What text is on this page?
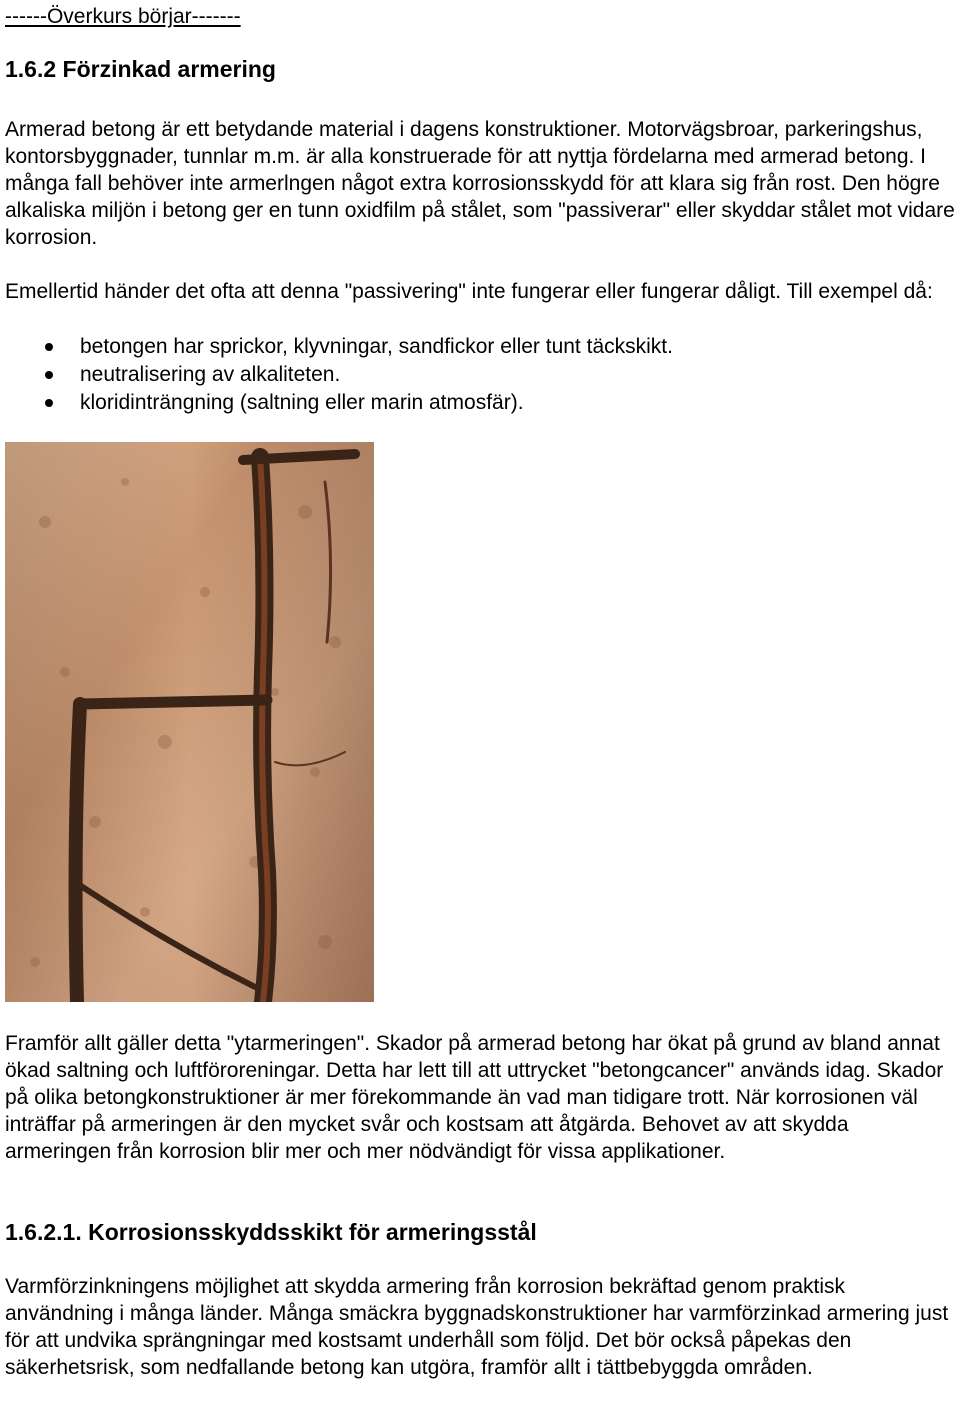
------Överkurs börjar-------
1.6.2 Förzinkad armering
Armerad betong är ett betydande material i dagens konstruktioner. Motorvägsbroar, parkeringshus, kontorsbyggnader, tunnlar m.m. är alla konstruerade för att nyttja fördelarna med armerad betong. I många fall behöver inte armerlngen något extra korrosionsskydd för att klara sig från rost. Den högre alkaliska miljön i betong ger en tunn oxidfilm på stålet, som "passiverar" eller skyddar stålet mot vidare korrosion.
Emellertid händer det ofta att denna "passivering" inte fungerar eller fungerar dåligt. Till exempel då:
betongen har sprickor, klyvningar, sandfickor eller tunt täckskikt.
neutralisering av alkaliteten.
kloridinträngning (saltning eller marin atmosfär).
Framför allt gäller detta "ytarmeringen". Skador på armerad betong har ökat på grund av bland annat ökad saltning och luftföroreningar. Detta har lett till att uttrycket "betongcancer" används idag. Skador på olika betongkonstruktioner är mer förekommande än vad man tidigare trott. När korrosionen väl inträffar på armeringen är den mycket svår och kostsam att åtgärda. Behovet av att skydda armeringen från korrosion blir mer och mer nödvändigt för vissa applikationer.
1.6.2.1. Korrosionsskyddsskikt för armeringsstål
Varmförzinkningens möjlighet att skydda armering från korrosion bekräftad genom praktisk användning i många länder. Många smäckra byggnadskonstruktioner har varmförzinkad armering just för att undvika sprängningar med kostsamt underhåll som följd. Det bör också påpekas den säkerhetsrisk, som nedfallande betong kan utgöra, framför allt i tättbebyggda områden.
